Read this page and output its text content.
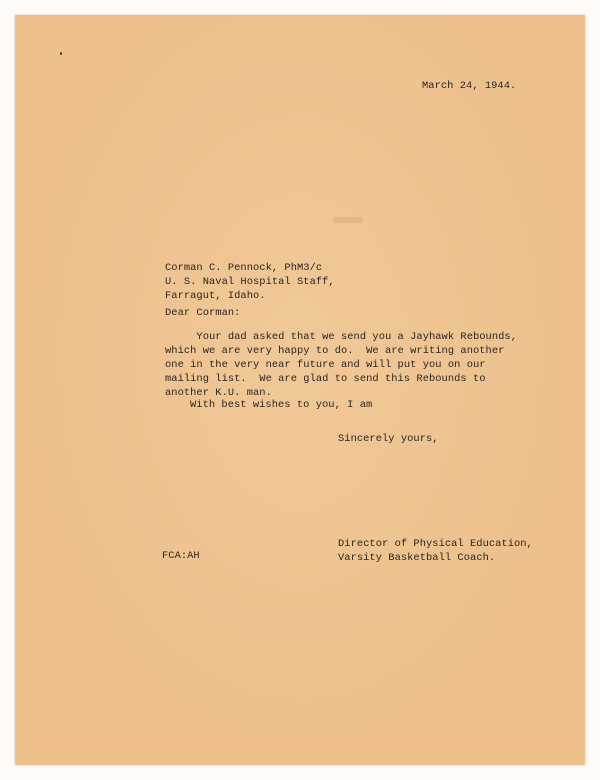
March 24, 1944.
Corman C. Pennock, PhM3/c
U. S. Naval Hospital Staff,
Farragut, Idaho.
Dear Corman:
Your dad asked that we send you a Jayhawk Rebounds,
which we are very happy to do.  We are writing another
one in the very near future and will put you on our
mailing list.  We are glad to send this Rebounds to
another K.U. man.
With best wishes to you, I am
Sincerely yours,
Director of Physical Education,
Varsity Basketball Coach.
FCA:AH
